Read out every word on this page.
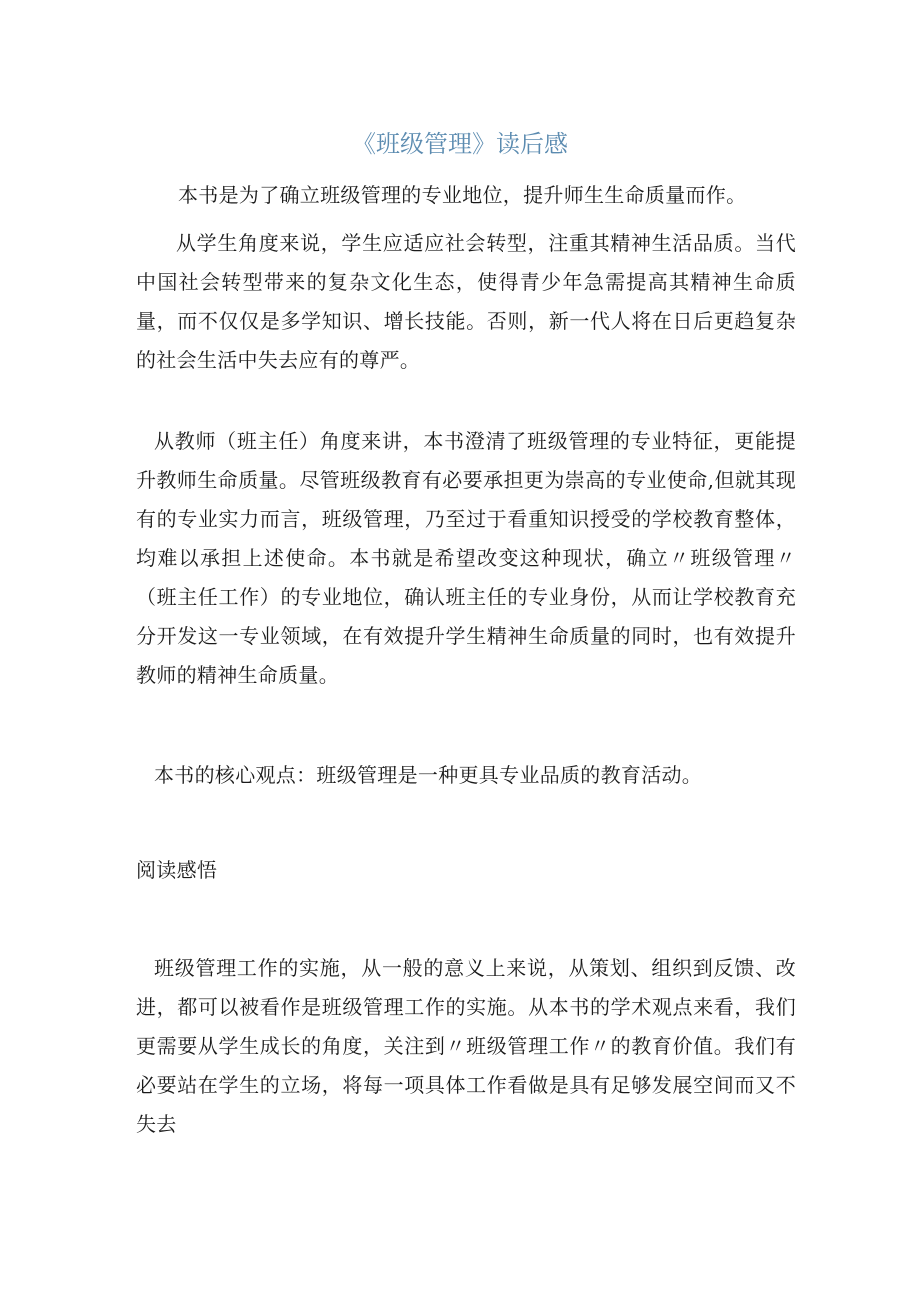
《班级管理》读后感

本书是为了确立班级管理的专业地位，提升师生生命质量而作。

从学生角度来说，学生应适应社会转型，注重其精神生活品质。当代中国社会转型带来的复杂文化生态，使得青少年急需提高其精神生命质量，而不仅仅是多学知识、增长技能。否则，新一代人将在日后更趋复杂的社会生活中失去应有的尊严。

从教师（班主任）角度来讲，本书澄清了班级管理的专业特征，更能提升教师生命质量。尽管班级教育有必要承担更为崇高的专业使命,但就其现有的专业实力而言，班级管理，乃至过于看重知识授受的学校教育整体，均难以承担上述使命。本书就是希望改变这种现状，确立〃班级管理〃（班主任工作）的专业地位，确认班主任的专业身份，从而让学校教育充分开发这一专业领域，在有效提升学生精神生命质量的同时，也有效提升教师的精神生命质量。

本书的核心观点：班级管理是一种更具专业品质的教育活动。

阅读感悟

班级管理工作的实施，从一般的意义上来说，从策划、组织到反馈、改进，都可以被看作是班级管理工作的实施。从本书的学术观点来看，我们更需要从学生成长的角度，关注到〃班级管理工作〃的教育价值。我们有必要站在学生的立场，将每一项具体工作看做是具有足够发展空间而又不失去
